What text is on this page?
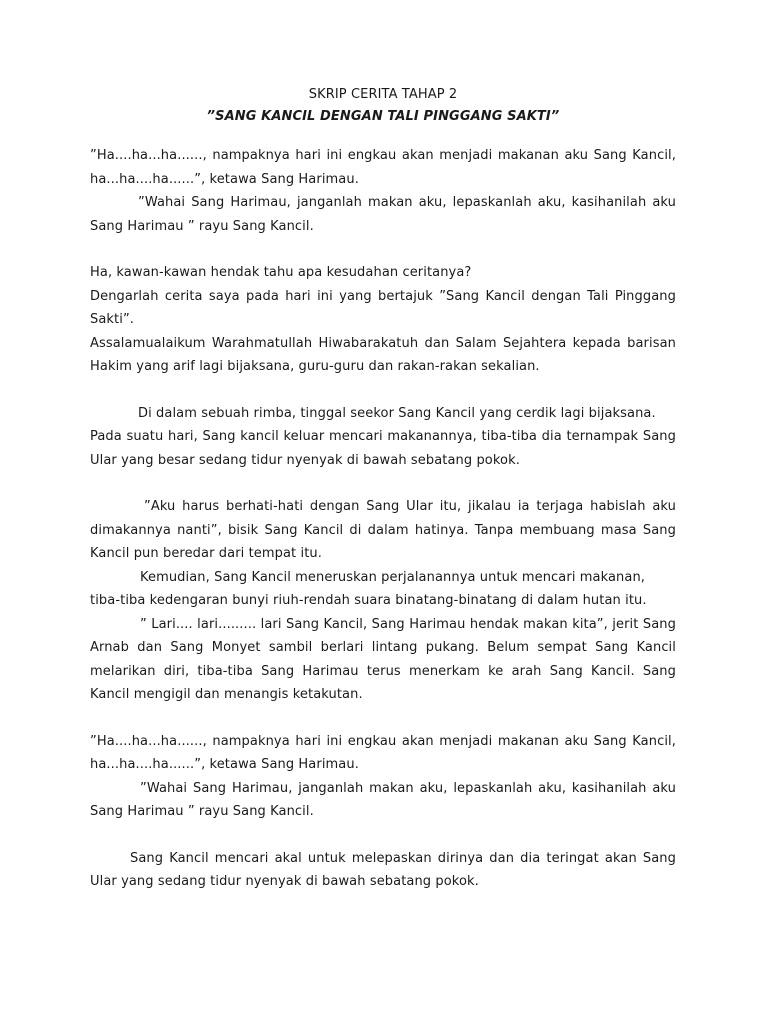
SKRIP CERITA TAHAP 2
”SANG KANCIL DENGAN TALI PINGGANG SAKTI”

”Ha....ha...ha......, nampaknya hari ini engkau akan menjadi makanan aku Sang Kancil, ha...ha....ha......”, ketawa Sang Harimau.

”Wahai Sang Harimau, janganlah makan aku, lepaskanlah aku, kasihanilah aku Sang Harimau ” rayu Sang Kancil.

Ha, kawan-kawan hendak tahu apa kesudahan ceritanya?

Dengarlah cerita saya pada hari ini yang bertajuk ”Sang Kancil dengan Tali Pinggang Sakti”.

Assalamualaikum Warahmatullah Hiwabarakatuh dan Salam Sejahtera kepada barisan Hakim yang arif lagi bijaksana, guru-guru dan rakan-rakan sekalian.

Di dalam sebuah rimba, tinggal seekor Sang Kancil yang cerdik lagi bijaksana.

Pada suatu hari, Sang kancil keluar mencari makanannya, tiba-tiba dia ternampak Sang Ular yang besar sedang tidur nyenyak di bawah sebatang pokok.

”Aku harus berhati-hati dengan Sang Ular itu, jikalau ia terjaga habislah aku dimakannya nanti”, bisik Sang Kancil di dalam hatinya. Tanpa membuang masa Sang Kancil pun beredar dari tempat itu.

Kemudian, Sang Kancil meneruskan perjalanannya untuk mencari makanan,

tiba-tiba kedengaran bunyi riuh-rendah suara binatang-binatang di dalam hutan itu.

” Lari.... lari......... lari Sang Kancil, Sang Harimau hendak makan kita”, jerit Sang Arnab dan Sang Monyet sambil berlari lintang pukang. Belum sempat Sang Kancil melarikan diri, tiba-tiba Sang Harimau terus menerkam ke arah Sang Kancil. Sang Kancil mengigil dan menangis ketakutan.

”Ha....ha...ha......, nampaknya hari ini engkau akan menjadi makanan aku Sang Kancil, ha...ha....ha......”, ketawa Sang Harimau.

”Wahai Sang Harimau, janganlah makan aku, lepaskanlah aku, kasihanilah aku Sang Harimau ” rayu Sang Kancil.

Sang Kancil mencari akal untuk melepaskan dirinya dan dia teringat akan Sang Ular yang sedang tidur nyenyak di bawah sebatang pokok.
